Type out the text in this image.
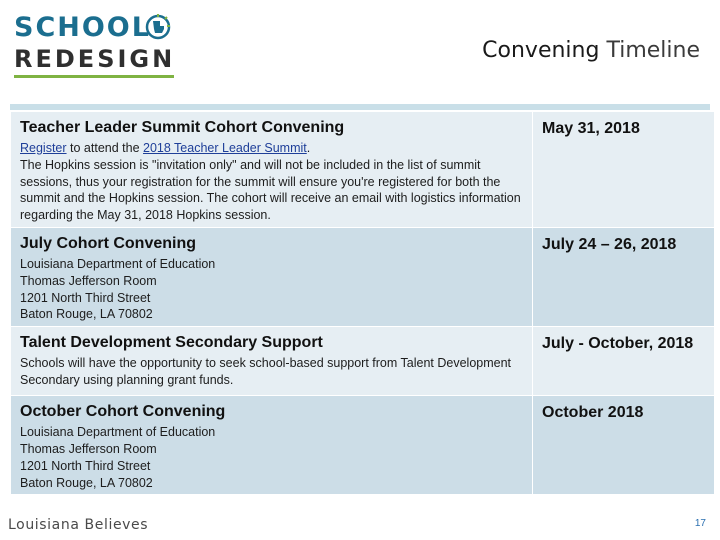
SCHOOL
REDESIGN	Convening Timeline
Teacher Leader Summit Cohort Convening
Register to attend the 2018 Teacher Leader Summit.
The Hopkins session is "invitation only" and will not be included in the list of summit sessions, thus your registration for the summit will ensure you're registered for both the summit and the Hopkins session. The cohort will receive an email with logistics information regarding the May 31, 2018 Hopkins session.	May 31, 2018

July Cohort Convening
Louisiana Department of Education
Thomas Jefferson Room
1201 North Third Street
Baton Rouge, LA 70802	July 24 – 26, 2018

Talent Development Secondary Support
Schools will have the opportunity to seek school-based support from Talent Development Secondary using planning grant funds.	July - October, 2018

October Cohort Convening
Louisiana Department of Education
Thomas Jefferson Room
1201 North Third Street
Baton Rouge, LA 70802	October 2018
Louisiana Believes	17
